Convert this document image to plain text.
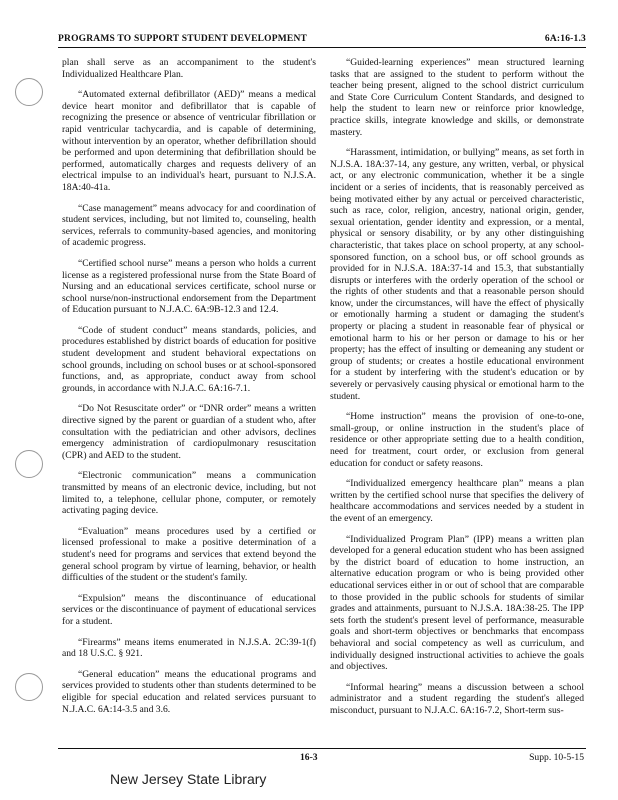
PROGRAMS TO SUPPORT STUDENT DEVELOPMENT	6A:16-1.3

plan shall serve as an accompaniment to the student's Individualized Healthcare Plan.

“Automated external defibrillator (AED)” means a medical device heart monitor and defibrillator that is capable of recognizing the presence or absence of ventricular fibrillation or rapid ventricular tachycardia, and is capable of determining, without intervention by an operator, whether defibrillation should be performed and upon determining that defibrillation should be performed, automatically charges and requests delivery of an electrical impulse to an individual's heart, pursuant to N.J.S.A. 18A:40-41a.

“Case management” means advocacy for and coordination of student services, including, but not limited to, counseling, health services, referrals to community-based agencies, and monitoring of academic progress.

“Certified school nurse” means a person who holds a current license as a registered professional nurse from the State Board of Nursing and an educational services certificate, school nurse or school nurse/non-instructional endorsement from the Department of Education pursuant to N.J.A.C. 6A:9B-12.3 and 12.4.

“Code of student conduct” means standards, policies, and procedures established by district boards of education for positive student development and student behavioral expectations on school grounds, including on school buses or at school-sponsored functions, and, as appropriate, conduct away from school grounds, in accordance with N.J.A.C. 6A:16-7.1.

“Do Not Resuscitate order” or “DNR order” means a written directive signed by the parent or guardian of a student who, after consultation with the pediatrician and other advisors, declines emergency administration of cardiopulmonary resuscitation (CPR) and AED to the student.

“Electronic communication” means a communication transmitted by means of an electronic device, including, but not limited to, a telephone, cellular phone, computer, or remotely activating paging device.

“Evaluation” means procedures used by a certified or licensed professional to make a positive determination of a student's need for programs and services that extend beyond the general school program by virtue of learning, behavior, or health difficulties of the student or the student's family.

“Expulsion” means the discontinuance of educational services or the discontinuance of payment of educational services for a student.

“Firearms” means items enumerated in N.J.S.A. 2C:39-1(f) and 18 U.S.C. § 921.

“General education” means the educational programs and services provided to students other than students determined to be eligible for special education and related services pursuant to N.J.A.C. 6A:14-3.5 and 3.6.

“Guided-learning experiences” mean structured learning tasks that are assigned to the student to perform without the teacher being present, aligned to the school district curriculum and State Core Curriculum Content Standards, and designed to help the student to learn new or reinforce prior knowledge, practice skills, integrate knowledge and skills, or demonstrate mastery.

“Harassment, intimidation, or bullying” means, as set forth in N.J.S.A. 18A:37-14, any gesture, any written, verbal, or physical act, or any electronic communication, whether it be a single incident or a series of incidents, that is reasonably perceived as being motivated either by any actual or perceived characteristic, such as race, color, religion, ancestry, national origin, gender, sexual orientation, gender identity and expression, or a mental, physical or sensory disability, or by any other distinguishing characteristic, that takes place on school property, at any school-sponsored function, on a school bus, or off school grounds as provided for in N.J.S.A. 18A:37-14 and 15.3, that substantially disrupts or interferes with the orderly operation of the school or the rights of other students and that a reasonable person should know, under the circumstances, will have the effect of physically or emotionally harming a student or damaging the student's property or placing a student in reasonable fear of physical or emotional harm to his or her person or damage to his or her property; has the effect of insulting or demeaning any student or group of students; or creates a hostile educational environment for a student by interfering with the student's education or by severely or pervasively causing physical or emotional harm to the student.

“Home instruction” means the provision of one-to-one, small-group, or online instruction in the student's place of residence or other appropriate setting due to a health condition, need for treatment, court order, or exclusion from general education for conduct or safety reasons.

“Individualized emergency healthcare plan” means a plan written by the certified school nurse that specifies the delivery of healthcare accommodations and services needed by a student in the event of an emergency.

“Individualized Program Plan” (IPP) means a written plan developed for a general education student who has been assigned by the district board of education to home instruction, an alternative education program or who is being provided other educational services either in or out of school that are comparable to those provided in the public schools for students of similar grades and attainments, pursuant to N.J.S.A. 18A:38-25. The IPP sets forth the student's present level of performance, measurable goals and short-term objectives or benchmarks that encompass behavioral and social competency as well as curriculum, and individually designed instructional activities to achieve the goals and objectives.

“Informal hearing” means a discussion between a school administrator and a student regarding the student's alleged misconduct, pursuant to N.J.A.C. 6A:16-7.2, Short-term sus-

16-3	Supp. 10-5-15
New Jersey State Library
